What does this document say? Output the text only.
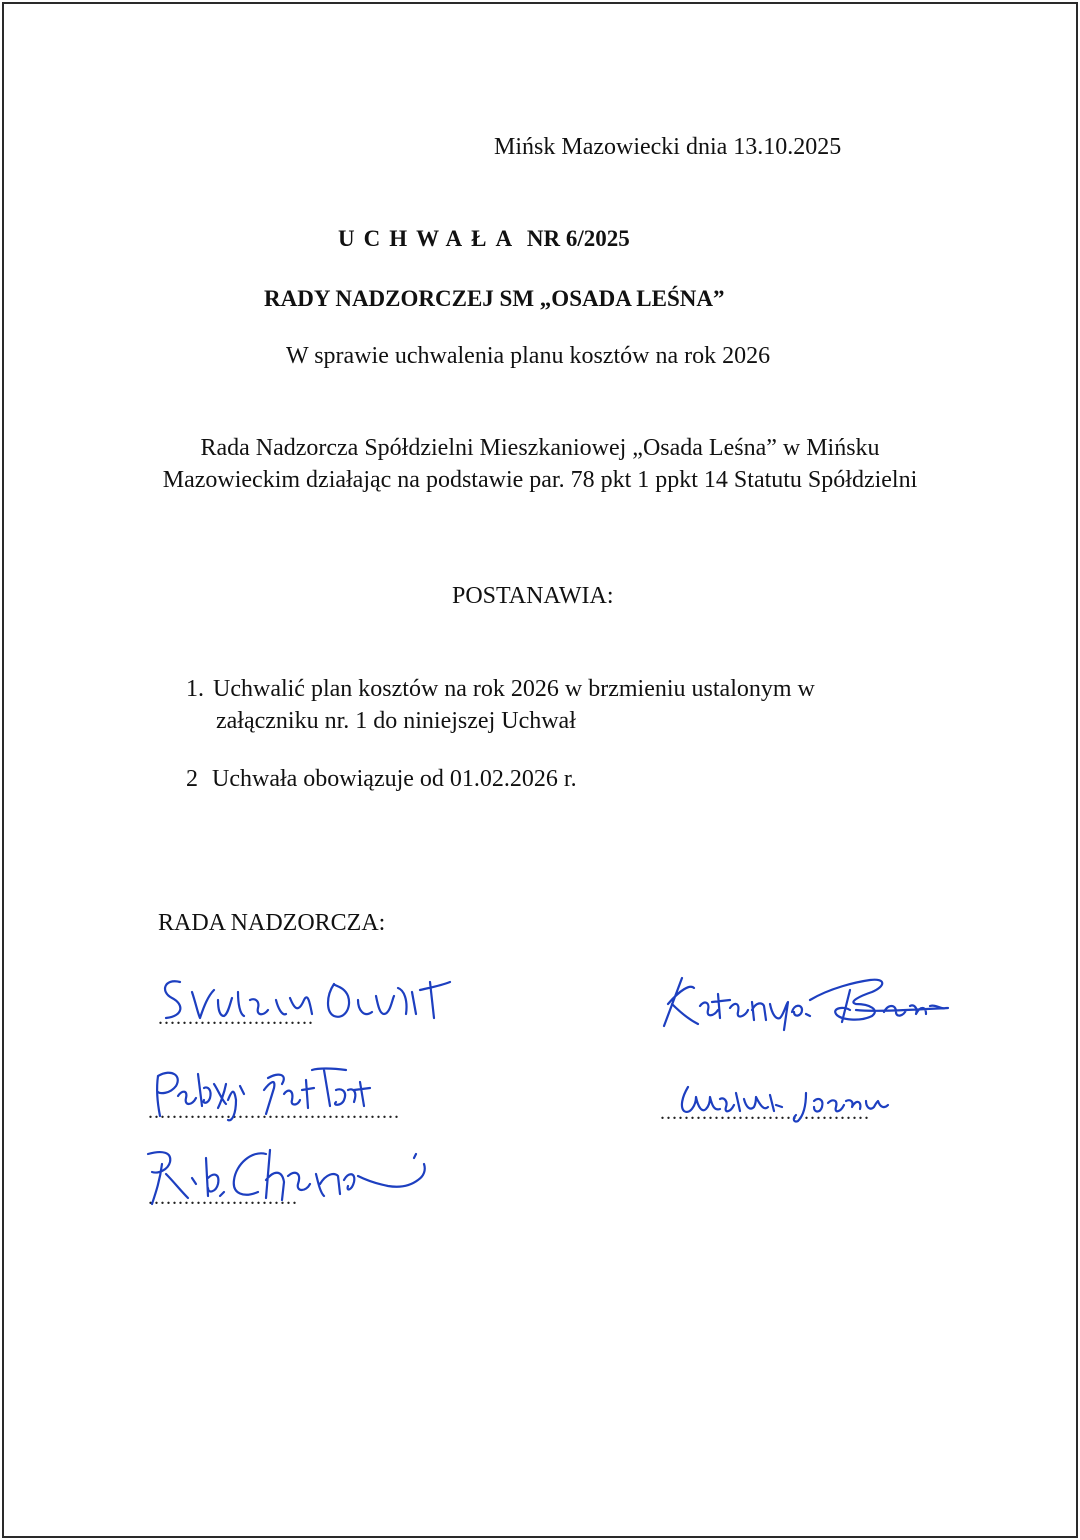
Mińsk Mazowiecki dnia 13.10.2025
UCHWAŁA NR 6/2025
RADY NADZORCZEJ SM „OSADA LEŚNA”
W sprawie uchwalenia planu kosztów na rok 2026
Rada Nadzorcza Spółdzielni Mieszkaniowej „Osada Leśna” w Mińsku
Mazowieckim działając na podstawie par. 78 pkt 1 ppkt 14 Statutu Spółdzielni
POSTANAWIA:
1. Uchwalić plan kosztów na rok 2026 w brzmieniu ustalonym w
załączniku nr. 1 do niniejszej Uchwał
2 Uchwała obowiązuje od 01.02.2026 r.
RADA NADZORCZA:
..........................
..........................................	...................................
.........................
